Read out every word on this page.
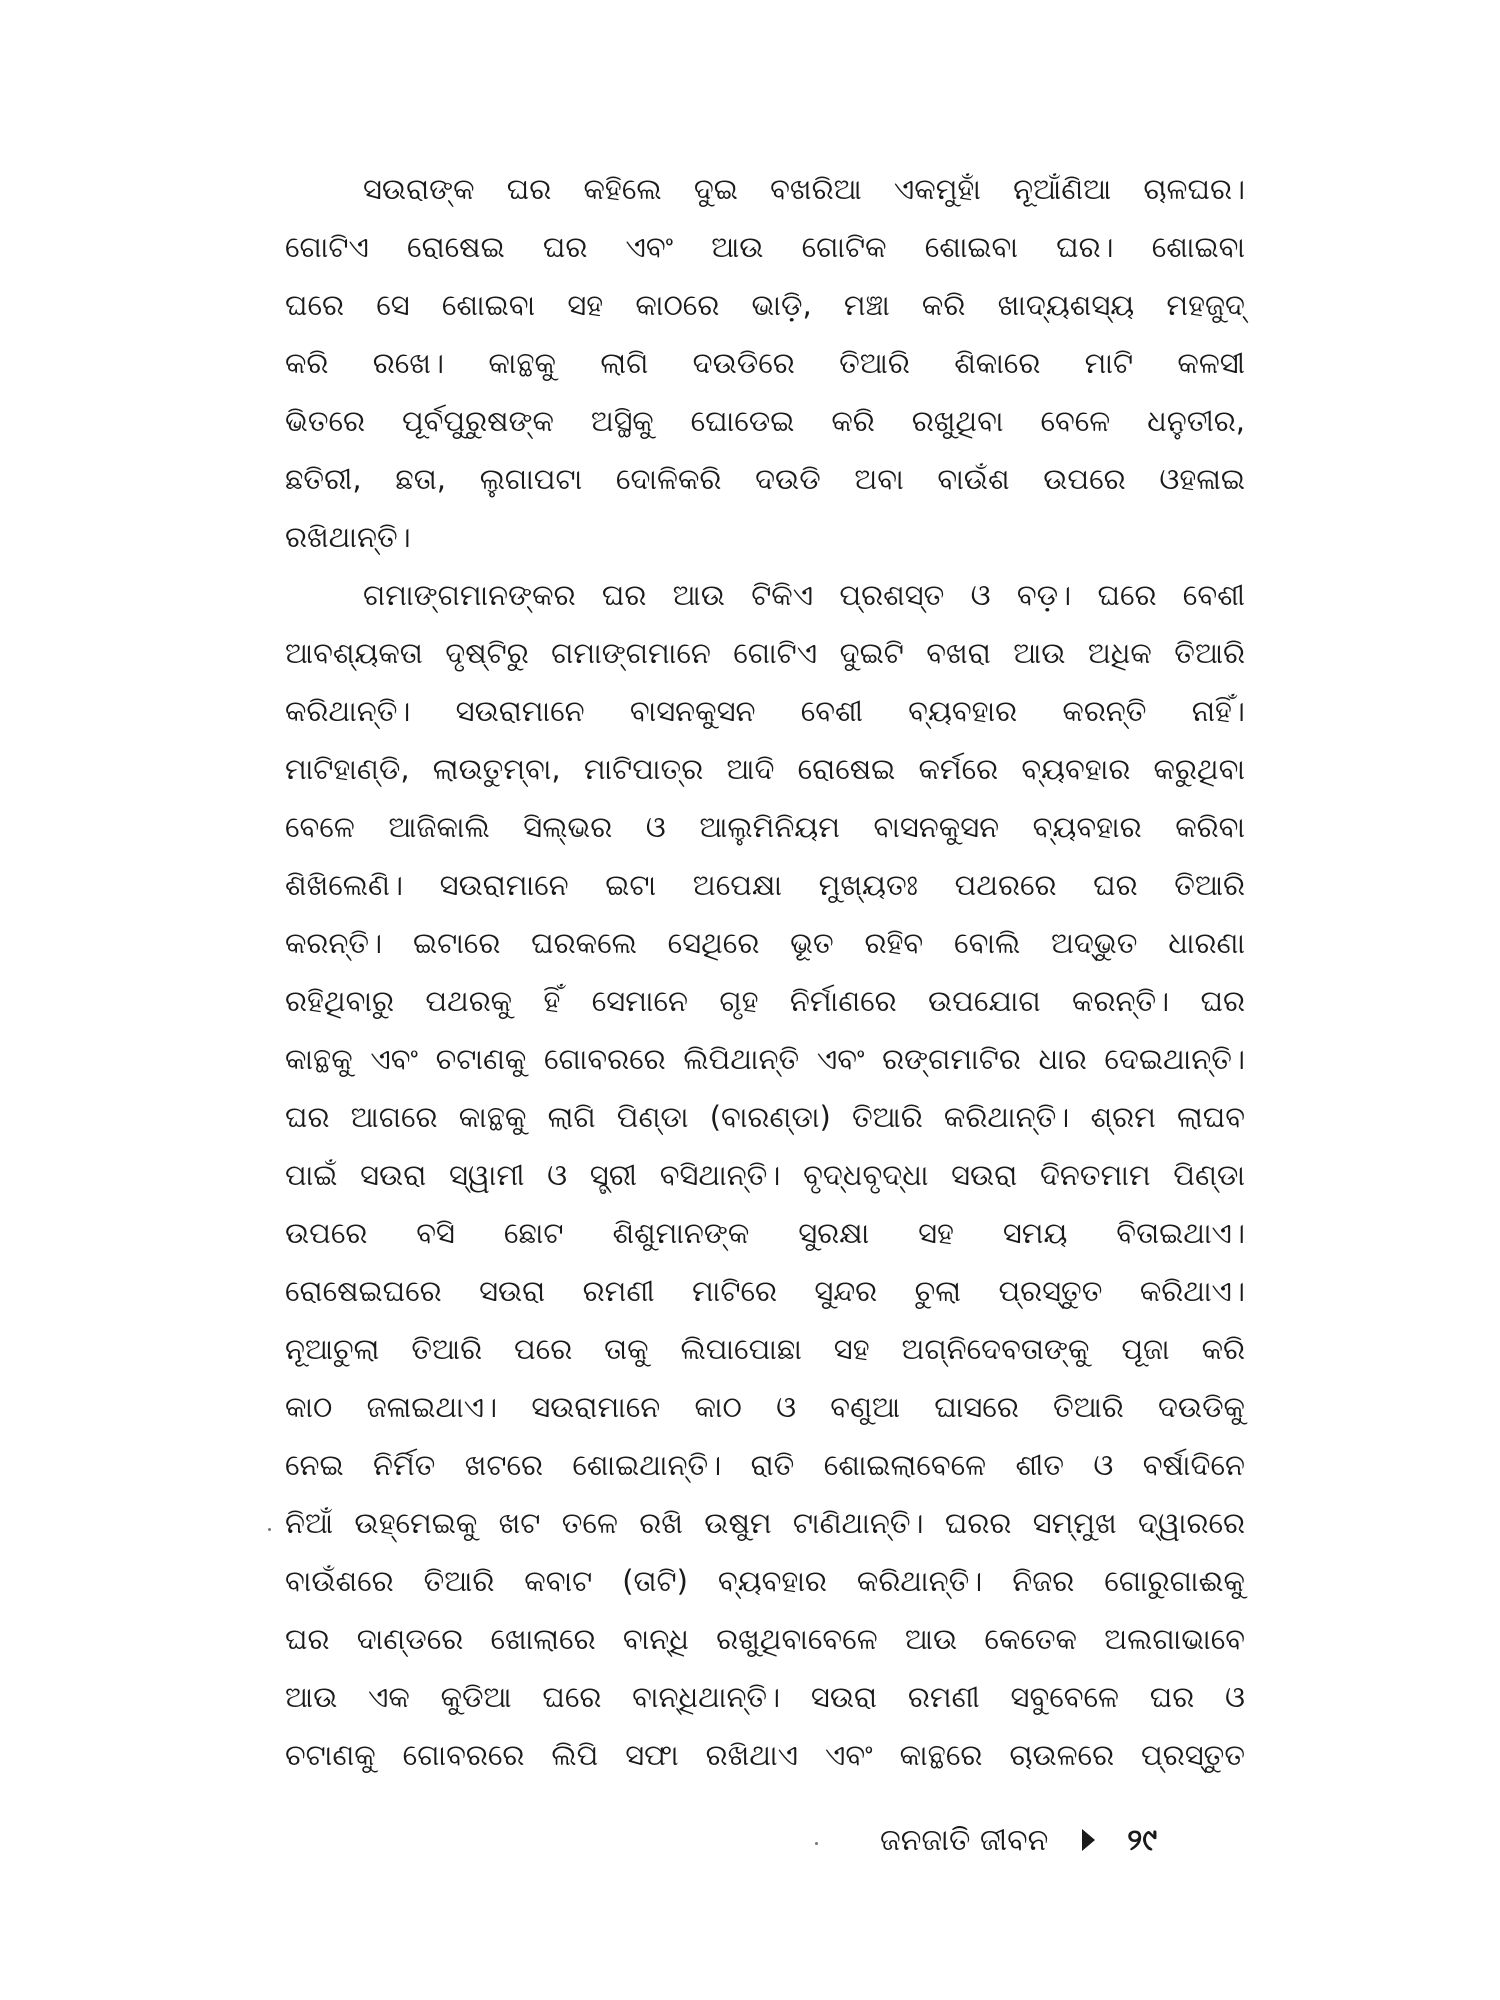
ସଉରାଙ୍କ ଘର କହିଲେ ଦୁଇ ବଖରିଆ ଏକମୁହାଁ ନୂଆଁଣିଆ ଚାଳଘର।
ଗୋଟିଏ ରୋଷେଇ ଘର ଏବଂ ଆଉ ଗୋଟିକ ଶୋଇବା ଘର। ଶୋଇବା
ଘରେ ସେ ଶୋଇବା ସହ କାଠରେ ଭାଡ଼ି, ମଞ୍ଚା କରି ଖାଦ୍ୟଶସ୍ୟ ମହଜୁଦ୍
କରି ରଖେ। କାନ୍ଥକୁ ଲାଗି ଦଉଡିରେ ତିଆରି ଶିକାରେ ମାଟି କଳସୀ
ଭିତରେ ପୂର୍ବପୁରୁଷଙ୍କ ଅସ୍ଥିକୁ ଘୋଡେଇ କରି ରଖୁଥିବା ବେଳେ ଧନୁତୀର,
ଛତିରୀ, ଛତା, ଲୁଗାପଟା ଦୋଳିକରି ଦଉଡି ଅବା ବାଉଁଶ ଉପରେ ଓହଳାଇ
ରଖିଥାନ୍ତି।
ଗମାଙ୍ଗମାନଙ୍କର ଘର ଆଉ ଟିକିଏ ପ୍ରଶସ୍ତ ଓ ବଡ଼। ଘରେ ବେଶୀ
ଆବଶ୍ୟକତା ଦୃଷ୍ଟିରୁ ଗମାଙ୍ଗମାନେ ଗୋଟିଏ ଦୁଇଟି ବଖରା ଆଉ ଅଧିକ ତିଆରି
କରିଥାନ୍ତି। ସଉରାମାନେ ବାସନକୁସନ ବେଶୀ ବ୍ୟବହାର କରନ୍ତି ନାହିଁ।
ମାଟିହାଣ୍ଡି, ଲାଉତୁମ୍ବା, ମାଟିପାତ୍ର ଆଦି ରୋଷେଇ କର୍ମରେ ବ୍ୟବହାର କରୁଥିବା
ବେଳେ ଆଜିକାଲି ସିଲ୍‌ଭର ଓ ଆଲୁମିନିୟମ ବାସନକୁସନ ବ୍ୟବହାର କରିବା
ଶିଖିଲେଣି। ସଉରାମାନେ ଇଟା ଅପେକ୍ଷା ମୁଖ୍ୟତଃ ପଥରରେ ଘର ତିଆରି
କରନ୍ତି। ଇଟାରେ ଘରକଲେ ସେଥିରେ ଭୂତ ରହିବ ବୋଲି ଅଦ୍ଭୁତ ଧାରଣା
ରହିଥିବାରୁ ପଥରକୁ ହିଁ ସେମାନେ ଗୃହ ନିର୍ମାଣରେ ଉପଯୋଗ କରନ୍ତି। ଘର
କାନ୍ଥକୁ ଏବଂ ଚଟାଣକୁ ଗୋବରରେ ଲିପିଥାନ୍ତି ଏବଂ ରଙ୍ଗମାଟିର ଧାର ଦେଇଥାନ୍ତି।
ଘର ଆଗରେ କାନ୍ଥକୁ ଲାଗି ପିଣ୍ଡା (ବାରଣ୍ଡା) ତିଆରି କରିଥାନ୍ତି। ଶ୍ରମ ଲାଘବ
ପାଇଁ ସଉରା ସ୍ୱାମୀ ଓ ସ୍ତ୍ରୀ ବସିଥାନ୍ତି। ବୃଦ୍ଧବୃଦ୍ଧା ସଉରା ଦିନତମାମ ପିଣ୍ଡା
ଉପରେ ବସି ଛୋଟ ଶିଶୁମାନଙ୍କ ସୁରକ୍ଷା ସହ ସମୟ ବିତାଇଥାଏ।
ରୋଷେଇଘରେ ସଉରା ରମଣୀ ମାଟିରେ ସୁନ୍ଦର ଚୁଲା ପ୍ରସ୍ତୁତ କରିଥାଏ।
ନୂଆଚୁଲା ତିଆରି ପରେ ତାକୁ ଲିପାପୋଛା ସହ ଅଗ୍ନିଦେବତାଙ୍କୁ ପୂଜା କରି
କାଠ ଜଳାଇଥାଏ। ସଉରାମାନେ କାଠ ଓ ବଣୁଆ ଘାସରେ ତିଆରି ଦଉଡିକୁ
ନେଇ ନିର୍ମିତ ଖଟରେ ଶୋଇଥାନ୍ତି। ରାତି ଶୋଇଲାବେଳେ ଶୀତ ଓ ବର୍ଷାଦିନେ
ନିଆଁ ଉହ୍ମେଇକୁ ଖଟ ତଳେ ରଖି ଉଷୁମ ଟାଣିଥାନ୍ତି। ଘରର ସମ୍ମୁଖ ଦ୍ୱାରରେ
ବାଉଁଶରେ ତିଆରି କବାଟ (ତାଟି) ବ୍ୟବହାର କରିଥାନ୍ତି। ନିଜର ଗୋରୁଗାଈକୁ
ଘର ଦାଣ୍ଡରେ ଖୋଲାରେ ବାନ୍ଧି ରଖୁଥିବାବେଳେ ଆଉ କେତେକ ଅଲଗାଭାବେ
ଆଉ ଏକ କୁଡିଆ ଘରେ ବାନ୍ଧିଥାନ୍ତି। ସଉରା ରମଣୀ ସବୁବେଳେ ଘର ଓ
ଚଟାଣକୁ ଗୋବରରେ ଲିପି ସଫା ରଖିଥାଏ ଏବଂ କାନ୍ଥରେ ଚାଉଳରେ ପ୍ରସ୍ତୁତ
ଜନଜାତି ଜୀବନ	୨୯
